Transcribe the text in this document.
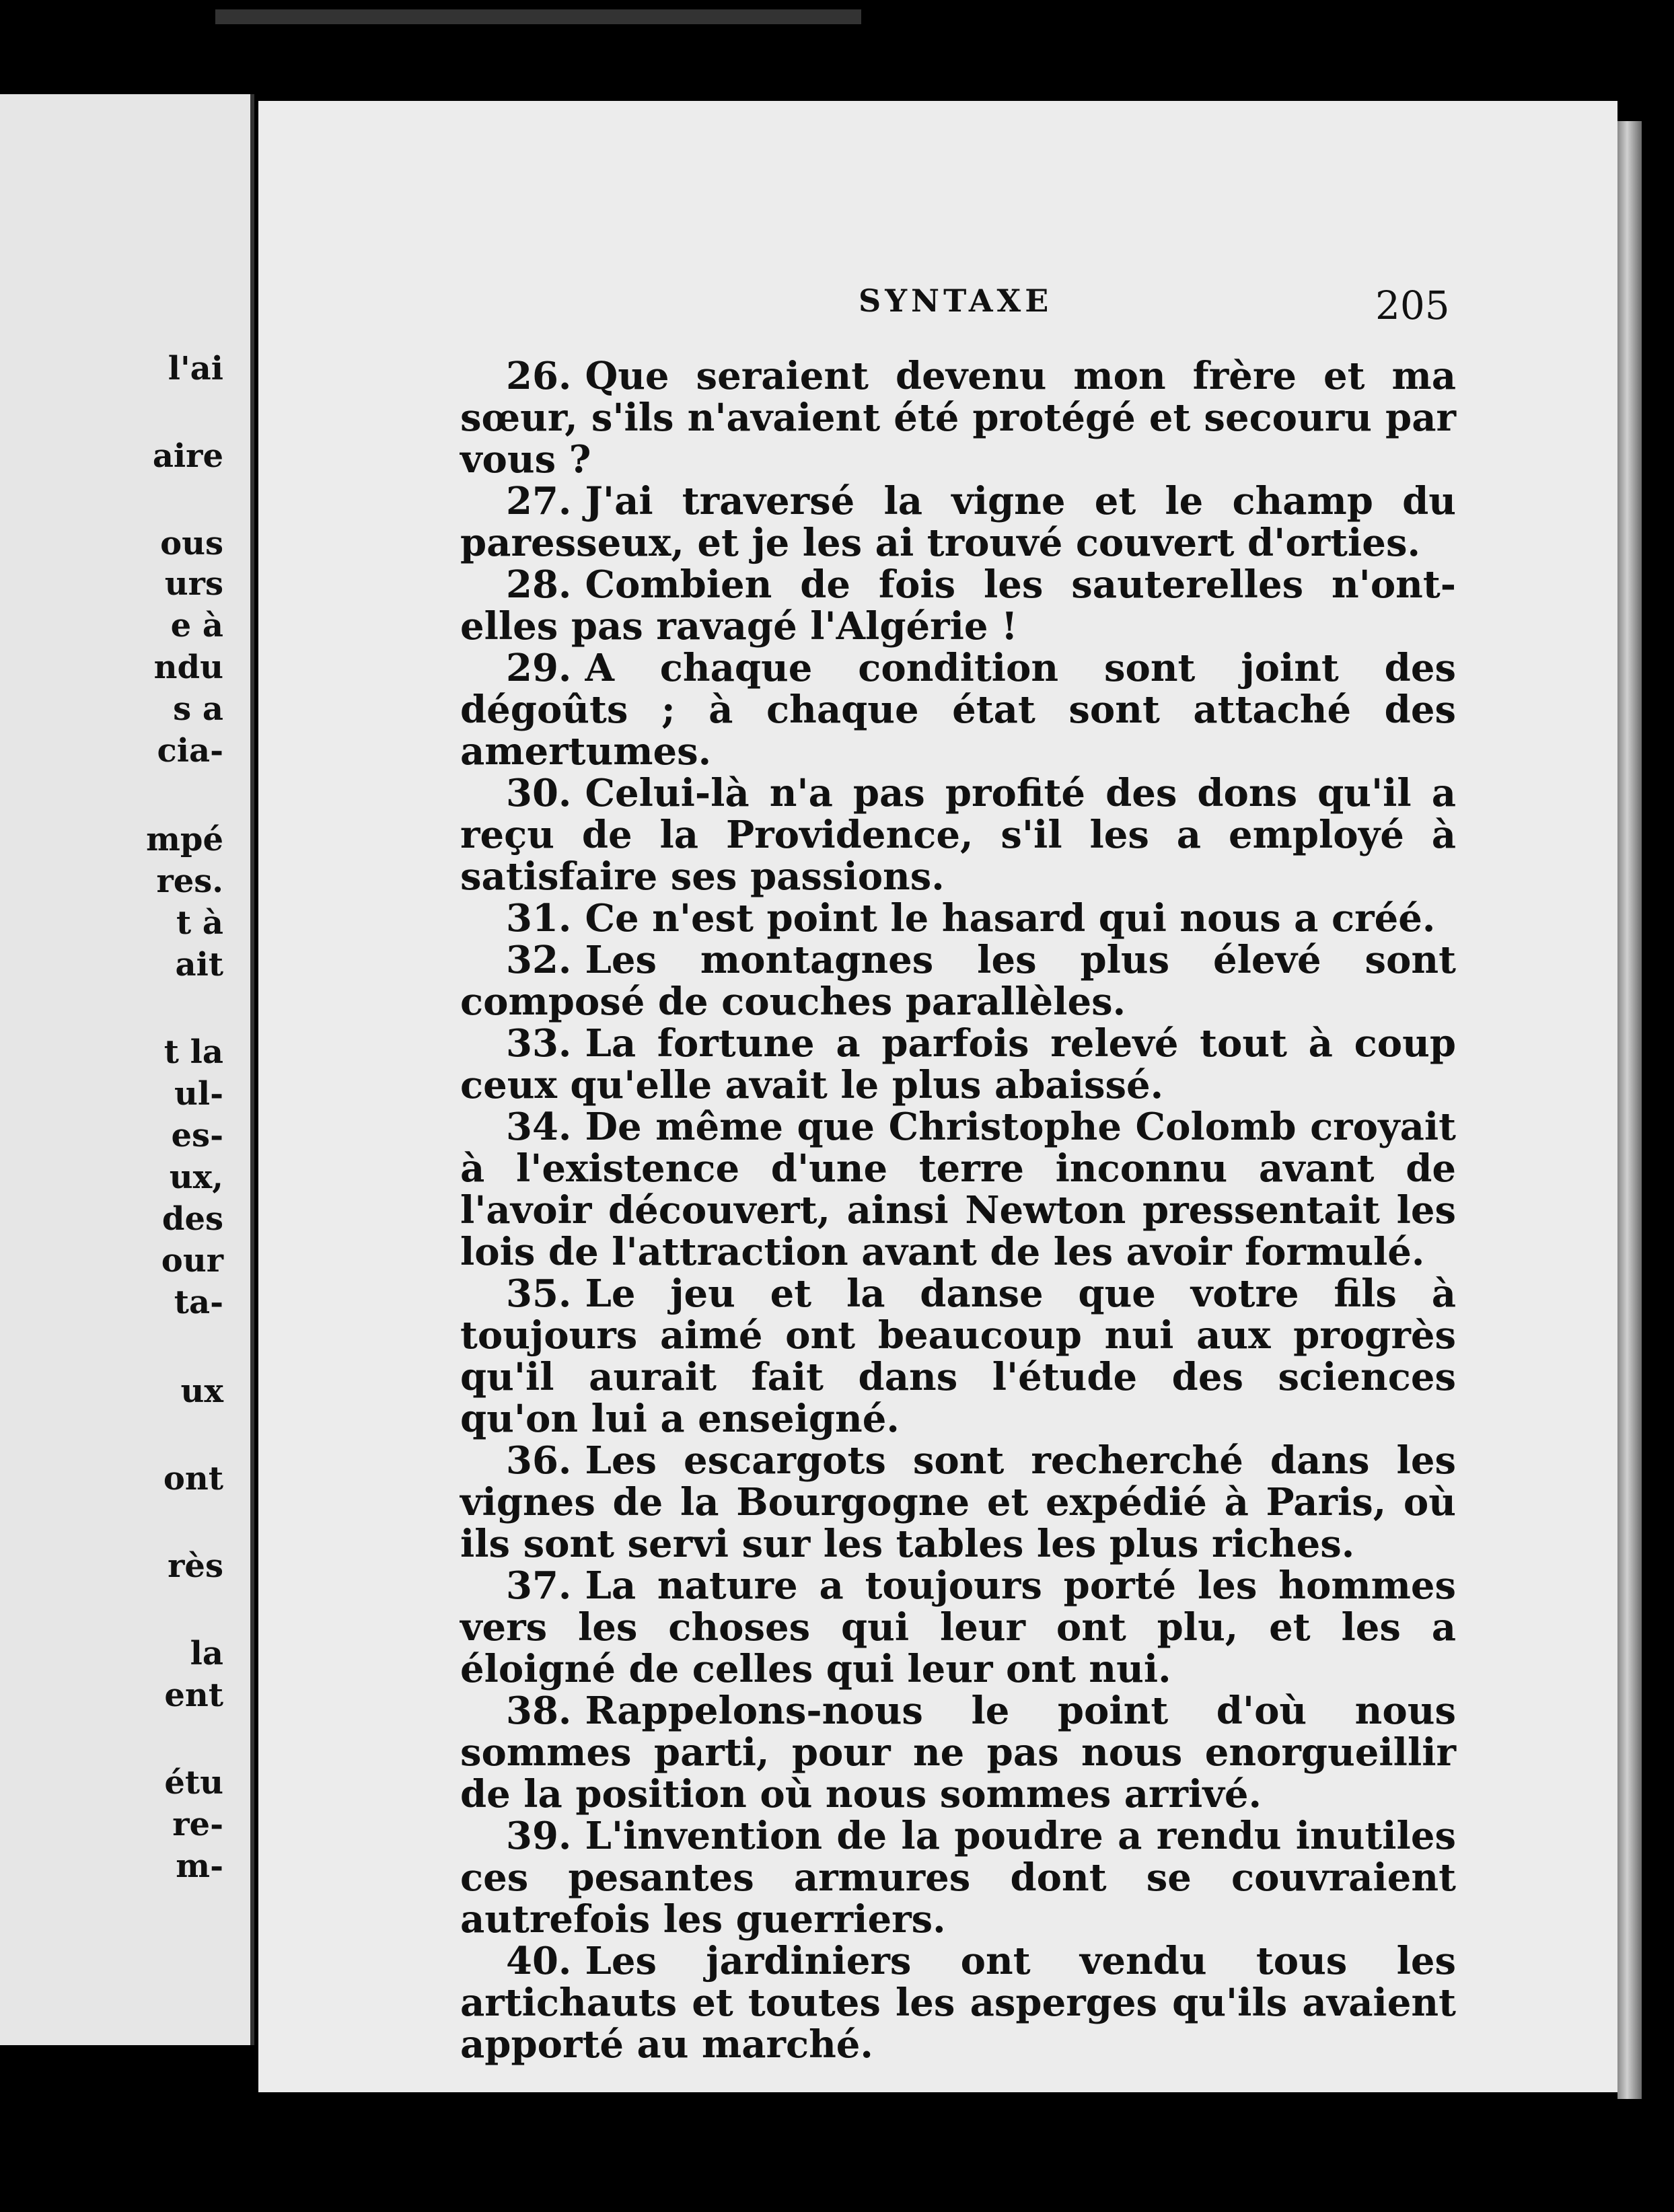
l'ai
aire
ous
urs
e à
ndu
s a
cia-
mpé
res.
t à
ait
t la
ul-
es-
ux,
des
our
ta-
ux
ont
rès
la
ent
étu
re-
m-
SYNTAXE	205
26. Que seraient devenu mon frère et ma sœur, s'ils n'avaient été protégé et secouru par vous ?
27. J'ai traversé la vigne et le champ du paresseux, et je les ai trouvé couvert d'orties.
28. Combien de fois les sauterelles n'ont-elles pas ravagé l'Algérie !
29. A chaque condition sont joint des dégoûts ; à chaque état sont attaché des amertumes.
30. Celui-là n'a pas profité des dons qu'il a reçu de la Providence, s'il les a employé à satisfaire ses passions.
31. Ce n'est point le hasard qui nous a créé.
32. Les montagnes les plus élevé sont composé de couches parallèles.
33. La fortune a parfois relevé tout à coup ceux qu'elle avait le plus abaissé.
34. De même que Christophe Colomb croyait à l'existence d'une terre inconnu avant de l'avoir découvert, ainsi Newton pressentait les lois de l'attraction avant de les avoir formulé.
35. Le jeu et la danse que votre fils à toujours aimé ont beaucoup nui aux progrès qu'il aurait fait dans l'étude des sciences qu'on lui a enseigné.
36. Les escargots sont recherché dans les vignes de la Bourgogne et expédié à Paris, où ils sont servi sur les tables les plus riches.
37. La nature a toujours porté les hommes vers les choses qui leur ont plu, et les a éloigné de celles qui leur ont nui.
38. Rappelons-nous le point d'où nous sommes parti, pour ne pas nous enorgueillir de la position où nous sommes arrivé.
39. L'invention de la poudre a rendu inutiles ces pesantes armures dont se couvraient autrefois les guerriers.
40. Les jardiniers ont vendu tous les artichauts et toutes les asperges qu'ils avaient apporté au marché.
